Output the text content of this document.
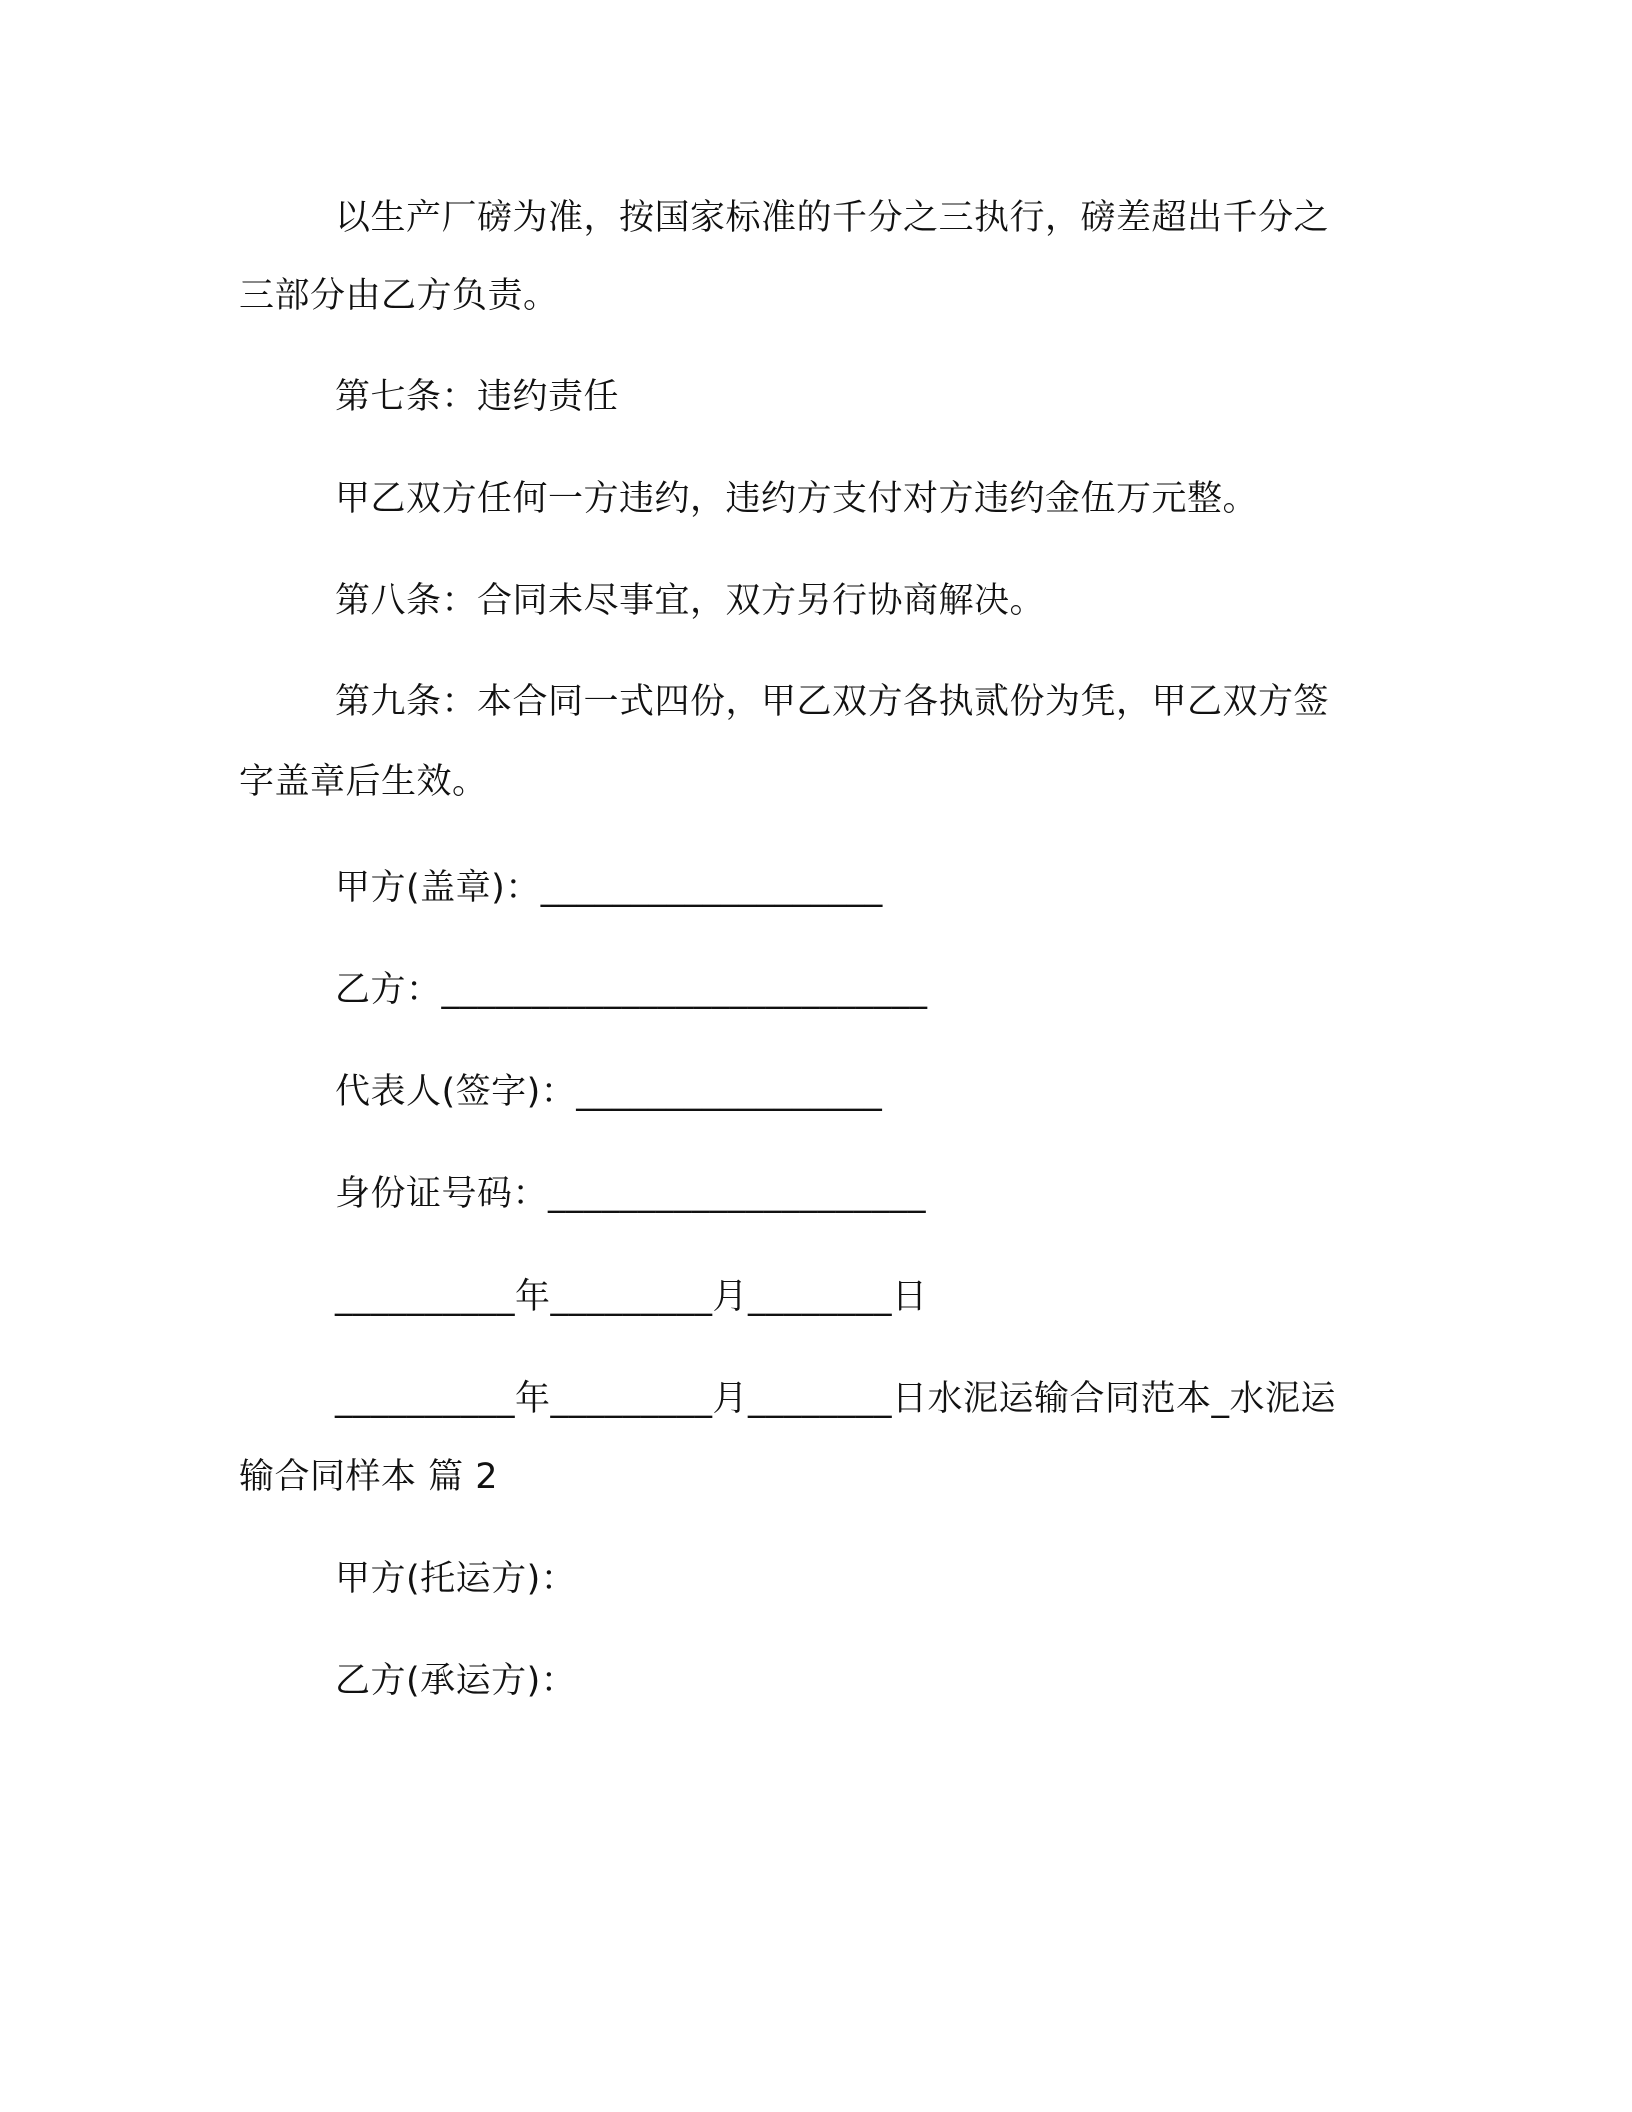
以生产厂磅为准，按国家标准的千分之三执行，磅差超出千分之
三部分由乙方负责。
第七条：违约责任
甲乙双方任何一方违约，违约方支付对方违约金伍万元整。
第八条：合同未尽事宜，双方另行协商解决。
第九条：本合同一式四份，甲乙双方各执贰份为凭，甲乙双方签
字盖章后生效。
甲方(盖章)：___________________
乙方：___________________________
代表人(签字)：_________________
身份证号码：_____________________
__________年_________月________日
__________年_________月________日水泥运输合同范本_水泥运
输合同样本 篇 2
甲方(托运方)：
乙方(承运方)：
